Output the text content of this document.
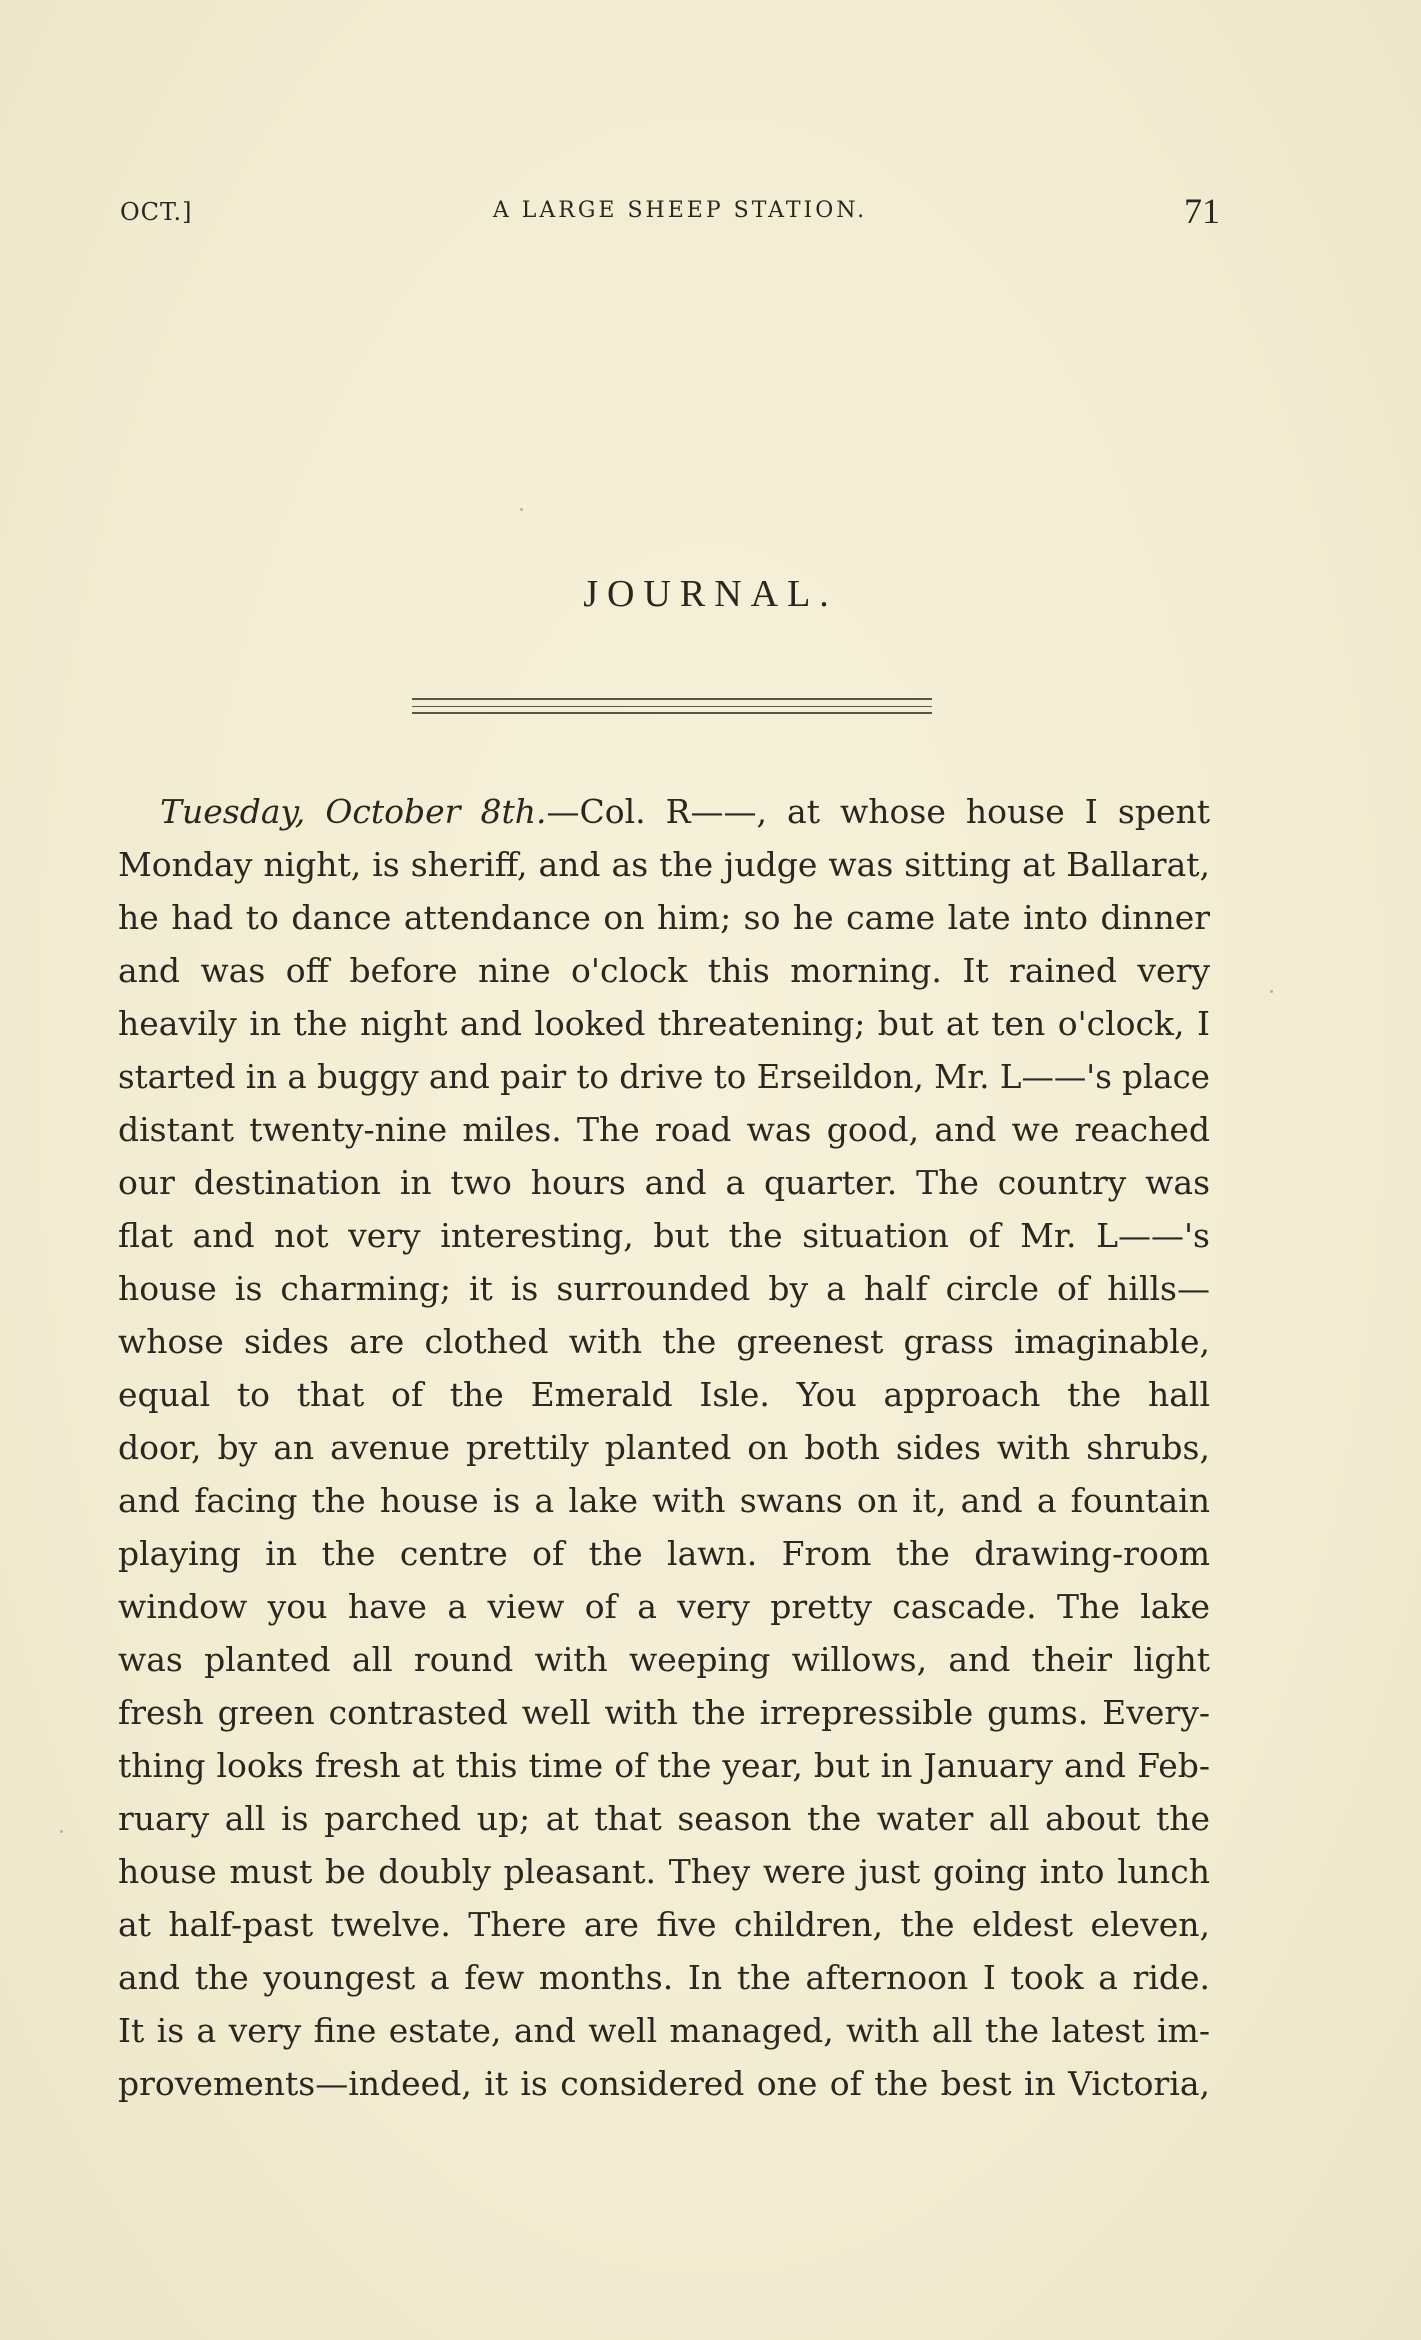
OCT.]	A LARGE SHEEP STATION.	71
JOURNAL.
Tuesday, October 8th.—Col. R——, at whose house I spent
Monday night, is sheriff, and as the judge was sitting at Ballarat,
he had to dance attendance on him; so he came late into dinner
and was off before nine o'clock this morning. It rained very
heavily in the night and looked threatening; but at ten o'clock, I
started in a buggy and pair to drive to Erseildon, Mr. L——'s place
distant twenty-nine miles. The road was good, and we reached
our destination in two hours and a quarter. The country was
flat and not very interesting, but the situation of Mr. L——'s
house is charming; it is surrounded by a half circle of hills—
whose sides are clothed with the greenest grass imaginable,
equal to that of the Emerald Isle. You approach the hall
door, by an avenue prettily planted on both sides with shrubs,
and facing the house is a lake with swans on it, and a fountain
playing in the centre of the lawn. From the drawing-room
window you have a view of a very pretty cascade. The lake
was planted all round with weeping willows, and their light
fresh green contrasted well with the irrepressible gums. Every-
thing looks fresh at this time of the year, but in January and Feb-
ruary all is parched up; at that season the water all about the
house must be doubly pleasant. They were just going into lunch
at half-past twelve. There are five children, the eldest eleven,
and the youngest a few months. In the afternoon I took a ride.
It is a very fine estate, and well managed, with all the latest im-
provements—indeed, it is considered one of the best in Victoria,
